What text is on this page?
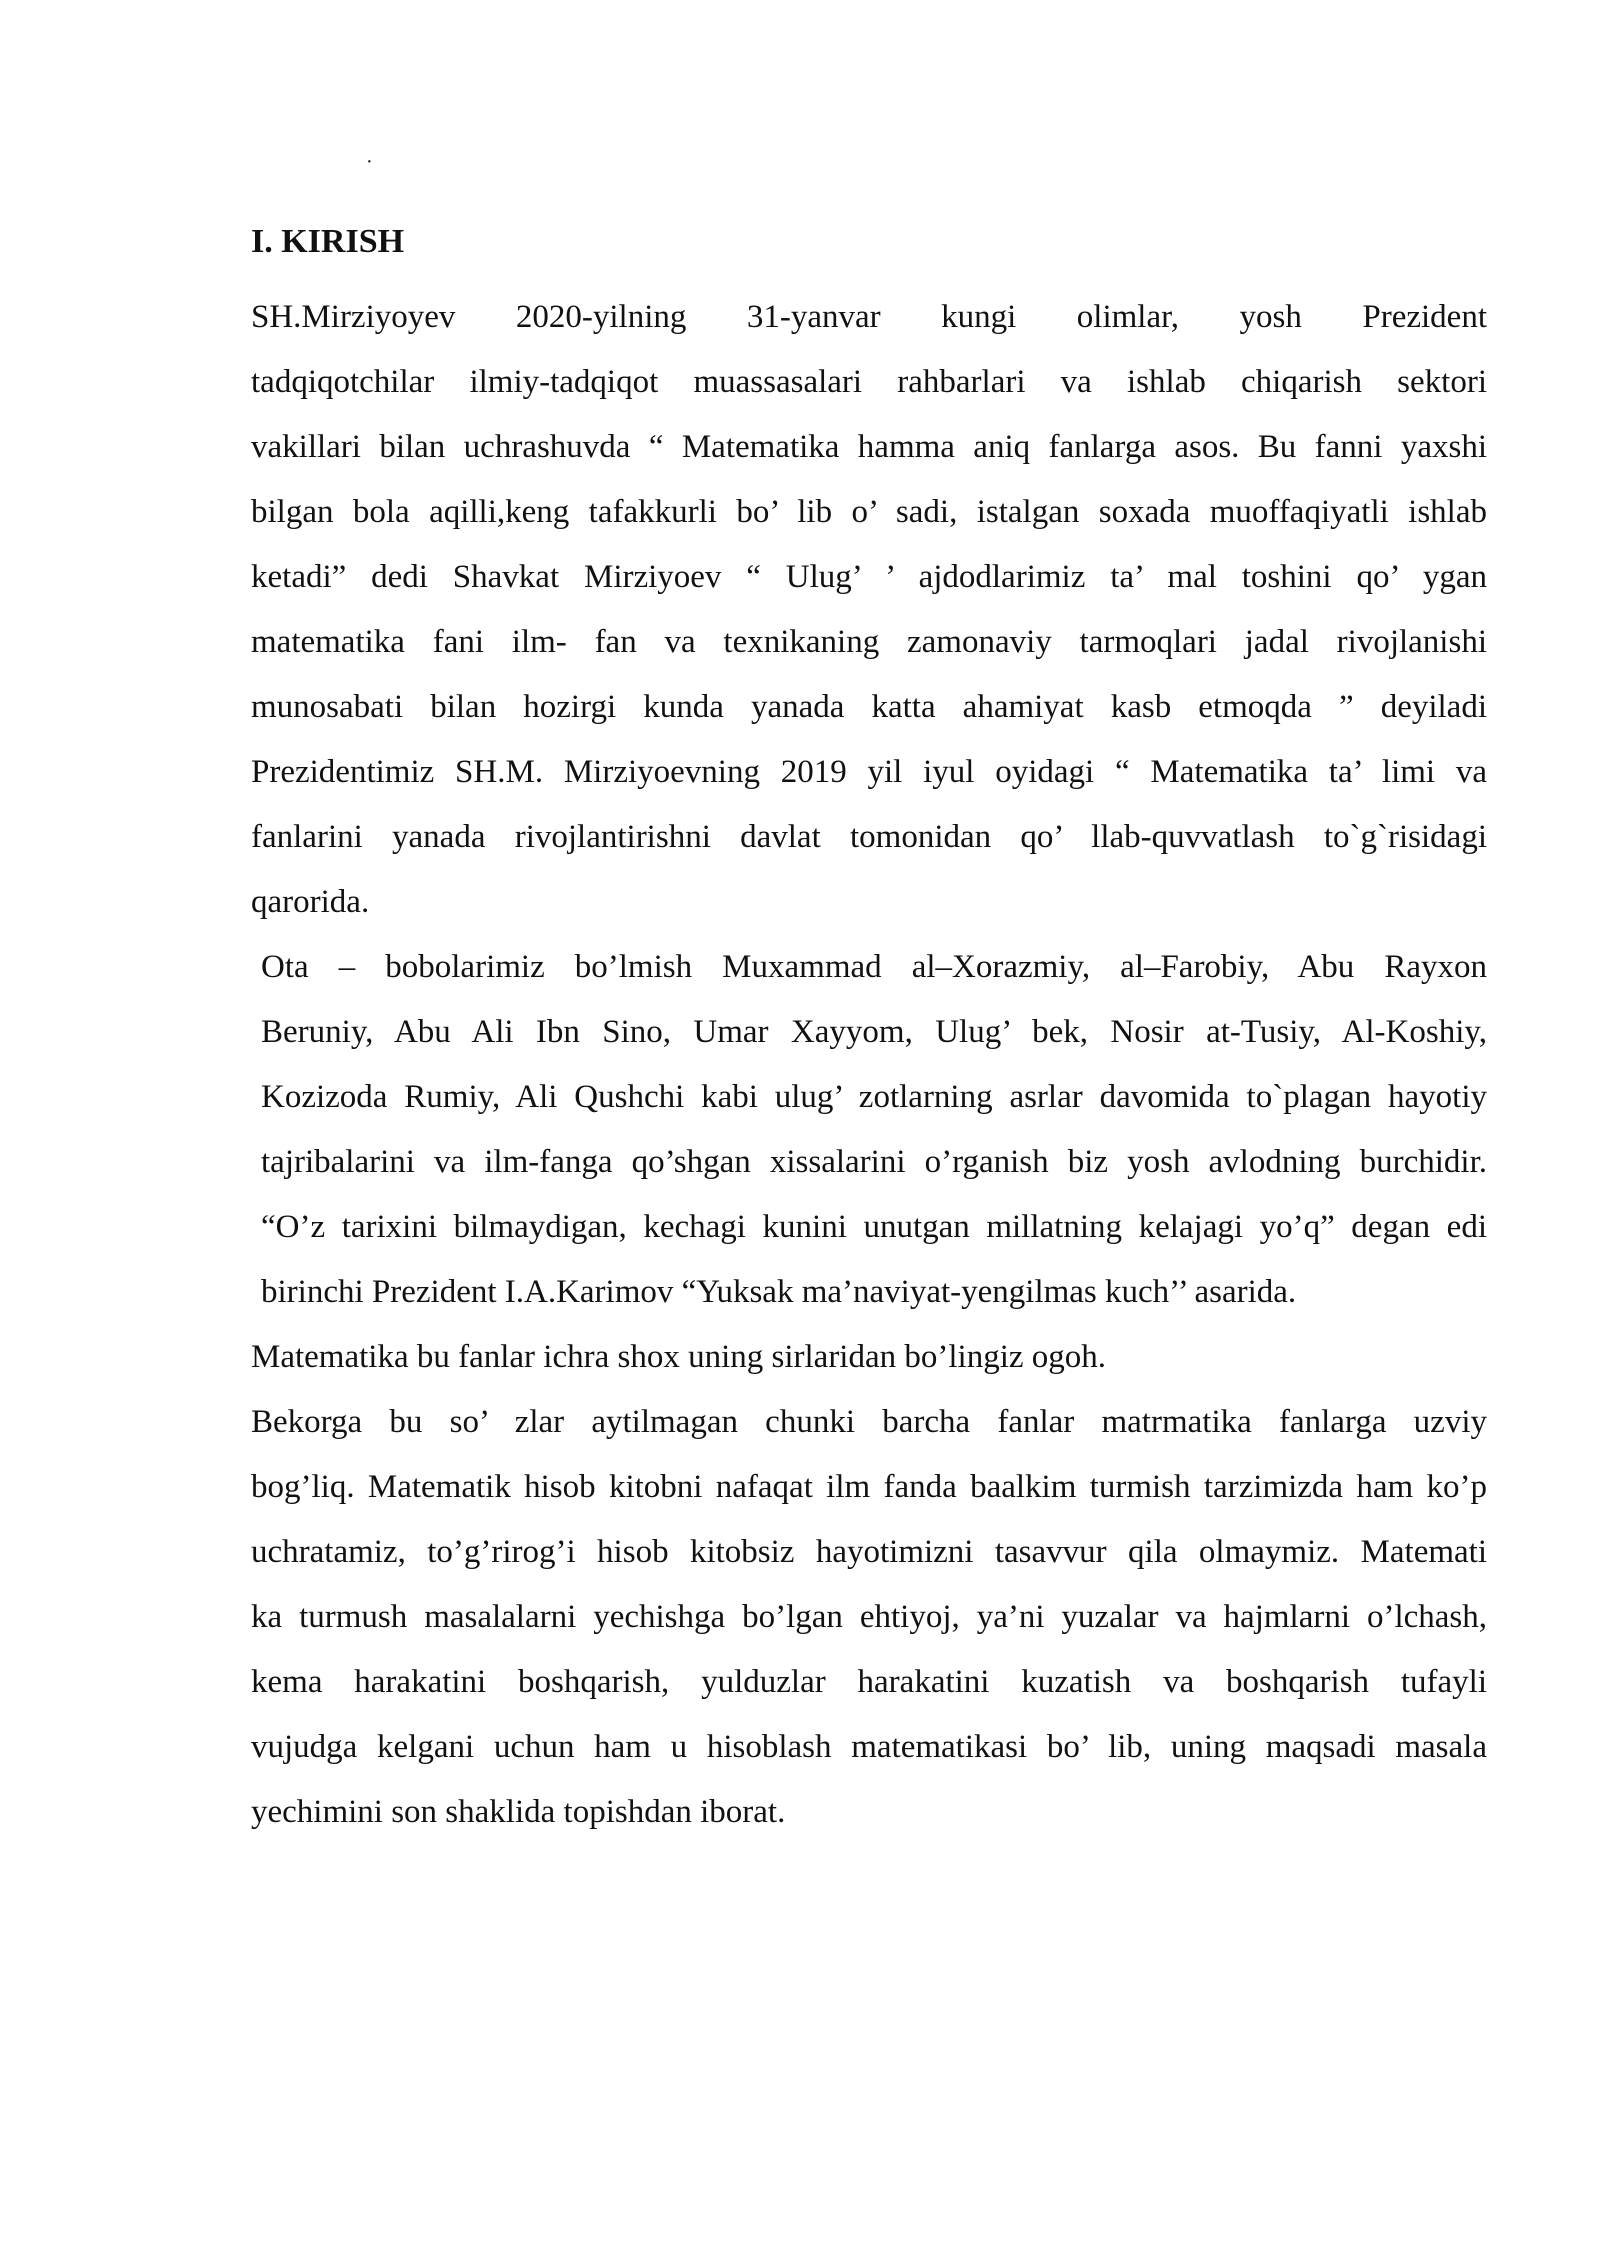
·
I. KIRISH

SH.Mirziyoyev 2020-yilning 31-yanvar kungi olimlar, yosh Prezident
tadqiqotchilar ilmiy-tadqiqot muassasalari rahbarlari va ishlab chiqarish sektori
vakillari bilan uchrashuvda “ Matematika hamma aniq fanlarga asos. Bu fanni yaxshi
bilgan bola aqilli,keng tafakkurli bo’ lib o’ sadi, istalgan soxada muoffaqiyatli ishlab
ketadi” dedi Shavkat Mirziyoev “ Ulug’ ’ ajdodlarimiz ta’ mal toshini qo’ ygan
matematika fani ilm- fan va texnikaning zamonaviy tarmoqlari jadal rivojlanishi
munosabati bilan hozirgi kunda yanada katta ahamiyat kasb etmoqda ” deyiladi
Prezidentimiz SH.M. Mirziyoevning 2019 yil iyul oyidagi “ Matematika ta’ limi va
fanlarini yanada rivojlantirishni davlat tomonidan qo’ llab-quvvatlash to`g`risidagi
qarorida.

Ota – bobolarimiz bo’lmish Muxammad al–Xorazmiy, al–Farobiy, Abu Rayxon
Beruniy, Abu Ali Ibn Sino, Umar Xayyom, Ulug’ bek, Nosir at-Tusiy, Al-Koshiy,
Kozizoda Rumiy, Ali Qushchi kabi ulug’ zotlarning asrlar davomida to`plagan hayotiy
tajribalarini va ilm-fanga qo’shgan xissalarini o’rganish biz yosh avlodning burchidir.
“O’z tarixini bilmaydigan, kechagi kunini unutgan millatning kelajagi yo’q” degan edi
birinchi Prezident I.A.Karimov “Yuksak ma’naviyat-yengilmas kuch’’ asarida.

Matematika bu fanlar ichra shox uning sirlaridan bo’lingiz ogoh.

Bekorga bu so’ zlar aytilmagan chunki barcha fanlar matrmatika fanlarga uzviy
bog’liq. Matematik hisob kitobni nafaqat ilm fanda baalkim turmish tarzimizda ham ko’p
uchratamiz, to’g’rirog’i hisob kitobsiz hayotimizni tasavvur qila olmaymiz. Matemati
ka turmush masalalarni yechishga bo’lgan ehtiyoj, ya’ni yuzalar va hajmlarni o’lchash,
kema harakatini boshqarish, yulduzlar harakatini kuzatish va boshqarish tufayli
vujudga kelgani uchun ham u hisoblash matematikasi bo’ lib, uning maqsadi masala
yechimini son shaklida topishdan iborat.
